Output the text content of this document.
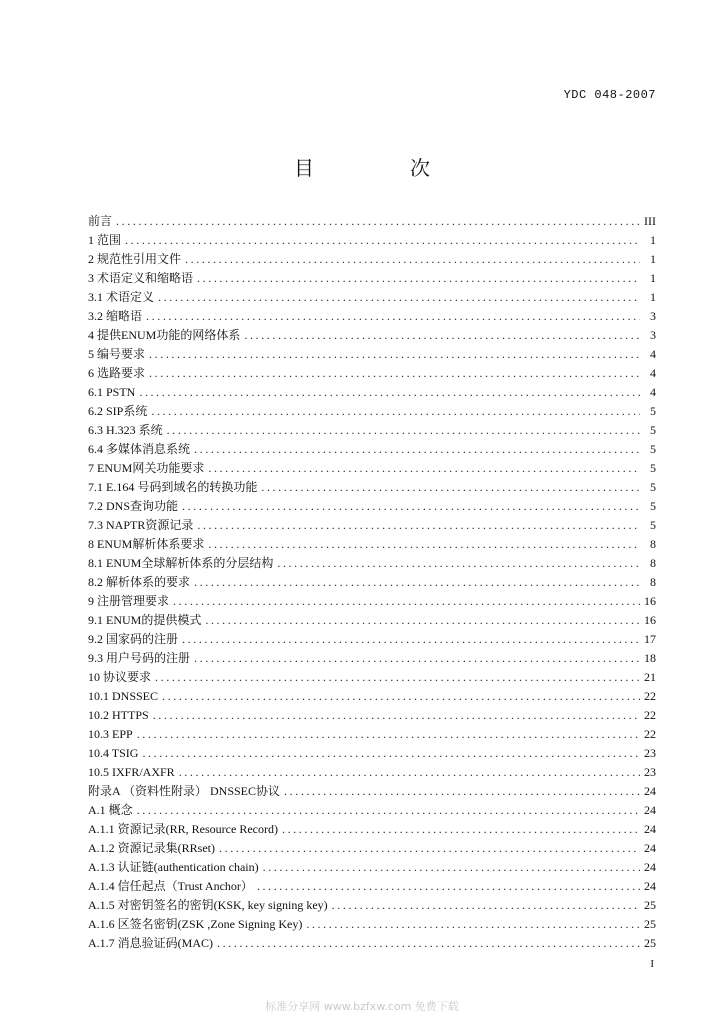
YDC 048-2007
目　次
前言 .....	III
1 范围 .....	1
2 规范性引用文件 .....	1
3 术语定义和缩略语 .....	1
3.1 术语定义 .....	1
3.2 缩略语 .....	3
4 提供ENUM功能的网络体系 .....	3
5 编号要求 .....	4
6 选路要求 .....	4
6.1 PSTN .....	4
6.2 SIP系统 .....	5
6.3 H.323 系统 .....	5
6.4 多媒体消息系统 .....	5
7 ENUM网关功能要求 .....	5
7.1 E.164 号码到域名的转换功能 .....	5
7.2 DNS查询功能 .....	5
7.3 NAPTR资源记录 .....	5
8 ENUM解析体系要求 .....	8
8.1 ENUM全球解析体系的分层结构 .....	8
8.2 解析体系的要求 .....	8
9 注册管理要求 .....	16
9.1 ENUM的提供模式 .....	16
9.2 国家码的注册 .....	17
9.3 用户号码的注册 .....	18
10 协议要求 .....	21
10.1 DNSSEC .....	22
10.2 HTTPS .....	22
10.3 EPP .....	22
10.4 TSIG .....	23
10.5 IXFR/AXFR .....	23
附录A （资料性附录） DNSSEC协议 .....	24
A.1 概念 .....	24
A.1.1 资源记录(RR, Resource Record) .....	24
A.1.2 资源记录集(RRset) .....	24
A.1.3 认证链(authentication chain) .....	24
A.1.4 信任起点（Trust Anchor） .....	24
A.1.5 对密钥签名的密钥(KSK, key signing key) .....	25
A.1.6 区签名密钥(ZSK ,Zone Signing Key) .....	25
A.1.7 消息验证码(MAC) .....	25
I
标准分享网 www.bzfxw.com 免费下载
